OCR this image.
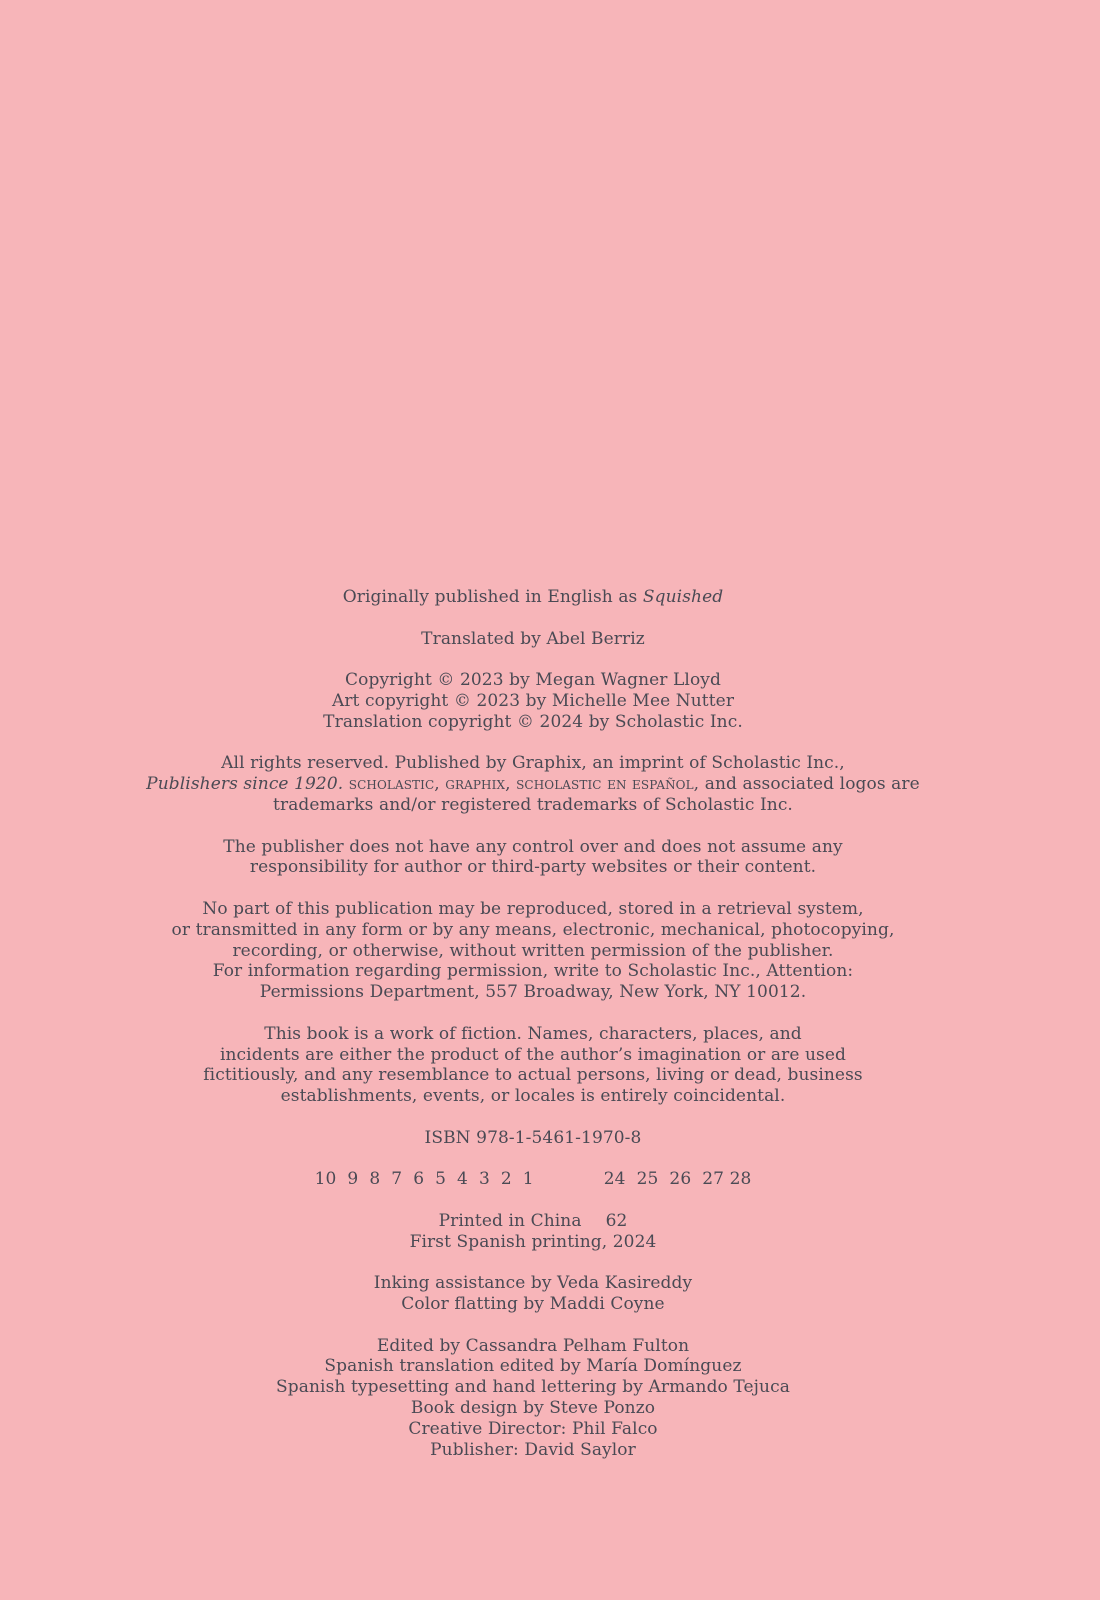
Originally published in English as Squished
Translated by Abel Berriz
Copyright © 2023 by Megan Wagner Lloyd
Art copyright © 2023 by Michelle Mee Nutter
Translation copyright © 2024 by Scholastic Inc.
All rights reserved. Published by Graphix, an imprint of Scholastic Inc.,
Publishers since 1920. scholastic, graphix, scholastic en español, and associated logos are
trademarks and/or registered trademarks of Scholastic Inc.
The publisher does not have any control over and does not assume any
responsibility for author or third-party websites or their content.
No part of this publication may be reproduced, stored in a retrieval system,
or transmitted in any form or by any means, electronic, mechanical, photocopying,
recording, or otherwise, without written permission of the publisher.
For information regarding permission, write to Scholastic Inc., Attention:
Permissions Department, 557 Broadway, New York, NY 10012.
This book is a work of fiction. Names, characters, places, and
incidents are either the product of the author’s imagination or are used
fictitiously, and any resemblance to actual persons, living or dead, business
establishments, events, or locales is entirely coincidental.
ISBN 978-1-5461-1970-8
10  9  8  7  6  5  4  3  2  1	24  25  26  27 28
Printed in China 62
First Spanish printing, 2024
Inking assistance by Veda Kasireddy
Color flatting by Maddi Coyne
Edited by Cassandra Pelham Fulton
Spanish translation edited by María Domínguez
Spanish typesetting and hand lettering by Armando Tejuca
Book design by Steve Ponzo
Creative Director: Phil Falco
Publisher: David Saylor
